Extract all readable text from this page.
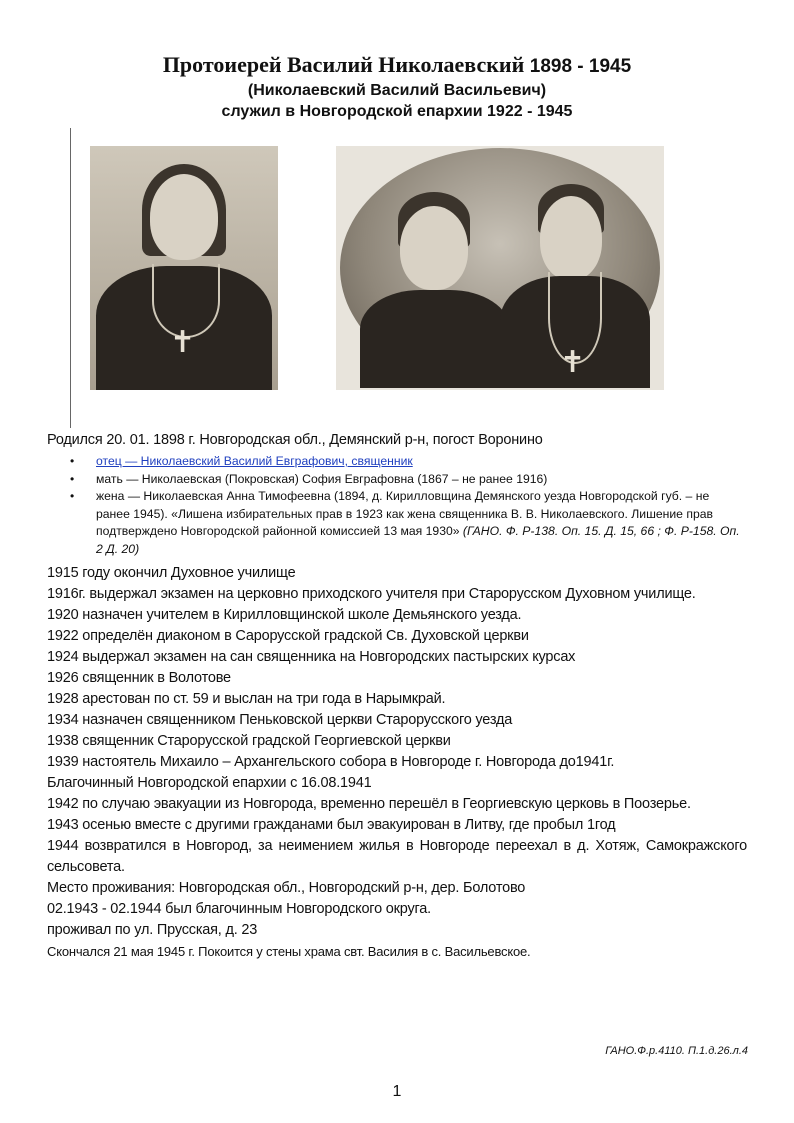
Протоиерей Василий Николаевский 1898 - 1945
(Николаевский Василий Васильевич)
служил в Новгородской епархии 1922 - 1945
✝
✝
Родился 20. 01. 1898 г. Новгородская обл., Демянский р-н, погост Воронино
• отец — Николаевский Василий Евграфович, священник
• мать — Николаевская (Покровская) София Евграфовна (1867 – не ранее 1916)
• жена — Николаевская Анна Тимофеевна (1894, д. Кирилловщина Демянского уезда Новгородской губ. – не ранее 1945). «Лишена избирательных прав в 1923 как жена священника В. В. Николаевского. Лишение прав подтверждено Новгородской районной комиссией 13 мая 1930» (ГАНО. Ф. Р-138. Оп. 15. Д. 15, 66 ; Ф. Р-158. Оп. 2 Д. 20)
1915 году окончил Духовное училище
1916г. выдержал экзамен на церковно приходского учителя при Старорусском Духовном училище.
1920 назначен учителем в Кирилловщинской школе Демьянского уезда.
1922 определён диаконом в Сарорусской градской Св. Духовской церкви
1924 выдержал экзамен на сан священника на Новгородских пастырских курсах
1926 священник в Волотове
1928 арестован по ст. 59 и выслан на три года в Нарымкрай.
1934 назначен священником Пеньковской церкви Старорусского уезда
1938 священник Старорусской градской Георгиевской церкви
1939 настоятель Михаило – Архангельского собора в Новгороде г. Новгорода до1941г.
Благочинный Новгородской епархии с 16.08.1941
1942 по случаю эвакуации из Новгорода, временно перешёл в Георгиевскую церковь в Поозерье.
1943 осенью вместе с другими гражданами был эвакуирован в Литву, где пробыл 1год
1944 возвратился в Новгород, за неимением жилья в Новгороде переехал в д. Хотяж, Самокражского сельсовета.
Место проживания: Новгородская обл., Новгородский р-н, дер. Болотово
02.1943 - 02.1944 был благочинным Новгородского округа.
проживал по ул. Прусская, д. 23
Скончался 21 мая 1945 г. Покоится у стены храма свт. Василия в с. Васильевское.
ГАНО.Ф.р.4110. П.1.д.26.л.4
1
